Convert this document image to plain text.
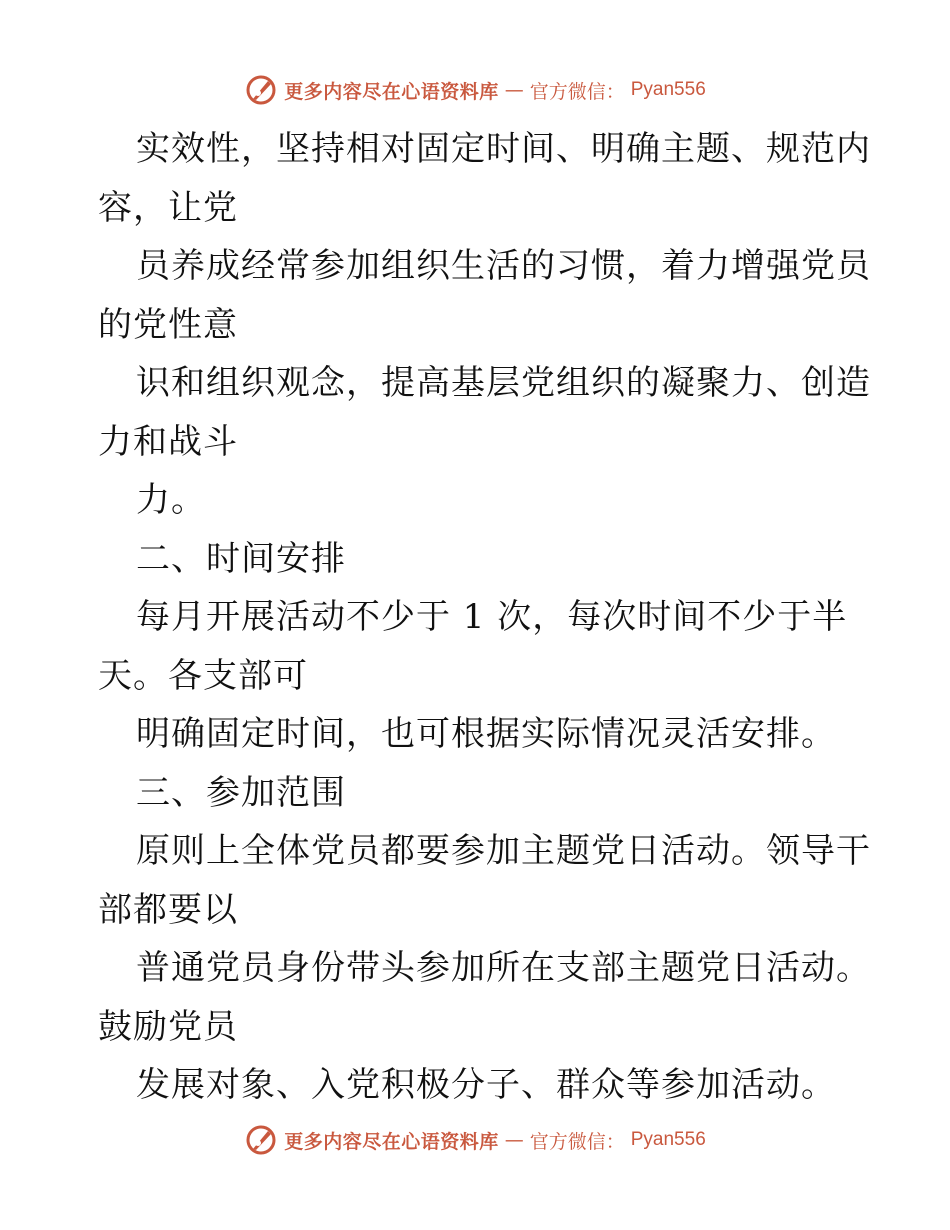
更多内容尽在心语资料库 — 官方微信： Pyan556
实效性，坚持相对固定时间、明确主题、规范内
容，让党
员养成经常参加组织生活的习惯，着力增强党员
的党性意
识和组织观念，提高基层党组织的凝聚力、创造
力和战斗
力。
二、时间安排
每月开展活动不少于 1 次，每次时间不少于半
天。各支部可
明确固定时间，也可根据实际情况灵活安排。
三、参加范围
原则上全体党员都要参加主题党日活动。领导干
部都要以
普通党员身份带头参加所在支部主题党日活动。
鼓励党员
发展对象、入党积极分子、群众等参加活动。
更多内容尽在心语资料库 — 官方微信： Pyan556
